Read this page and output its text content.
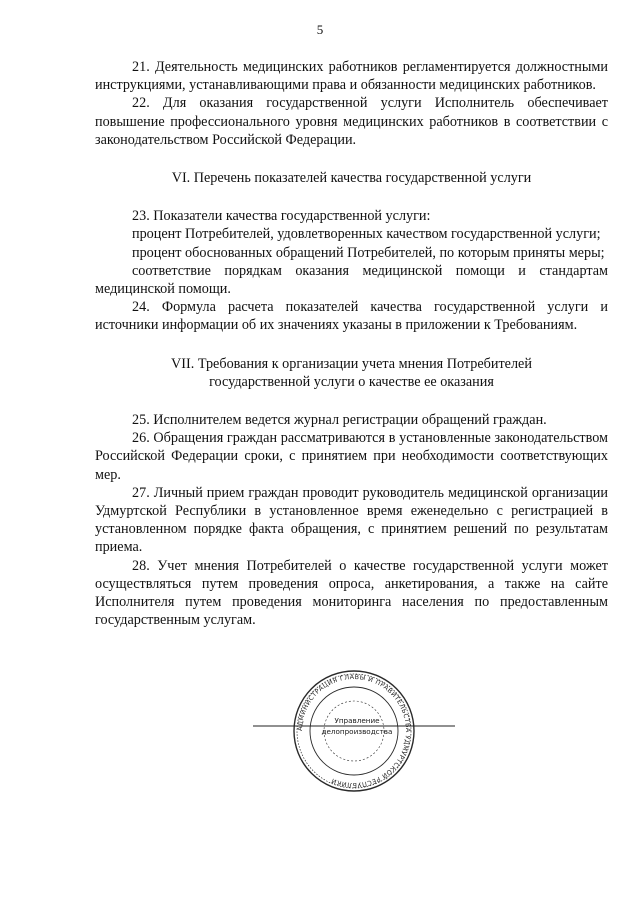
5

21. Деятельность медицинских работников регламентируется должностными инструкциями, устанавливающими права и обязанности медицинских работников.

22. Для оказания государственной услуги Исполнитель обеспечивает повышение профессионального уровня медицинских работников в соответствии с законодательством Российской Федерации.

VI. Перечень показателей качества государственной услуги

23. Показатели качества государственной услуги:

процент Потребителей, удовлетворенных качеством государственной услуги;

процент обоснованных обращений Потребителей, по которым приняты меры;

соответствие порядкам оказания медицинской помощи и стандартам медицинской помощи.

24. Формула расчета показателей качества государственной услуги и источники информации об их значениях указаны в приложении к Требованиям.

VII. Требования к организации учета мнения Потребителей

государственной услуги о качестве ее оказания

25. Исполнителем ведется журнал регистрации обращений граждан.

26. Обращения граждан рассматриваются в установленные законодательством Российской Федерации сроки, с принятием при необходимости соответствующих мер.

27. Личный прием граждан проводит руководитель медицинской организации Удмуртской Республики в установленное время еженедельно с регистрацией в установленном порядке факта обращения, с принятием решений по результатам приема.

28. Учет мнения Потребителей о качестве государственной услуги может осуществляться путем проведения опроса, анкетирования, а также на сайте Исполнителя путем проведения мониторинга населения по предоставленным государственным услугам.

АДМИНИСТРАЦИЯ ГЛАВЫ И ПРАВИТЕЛЬСТВА УДМУРТСКОЙ РЕСПУБЛИКИ
Управление
делопроизводства
